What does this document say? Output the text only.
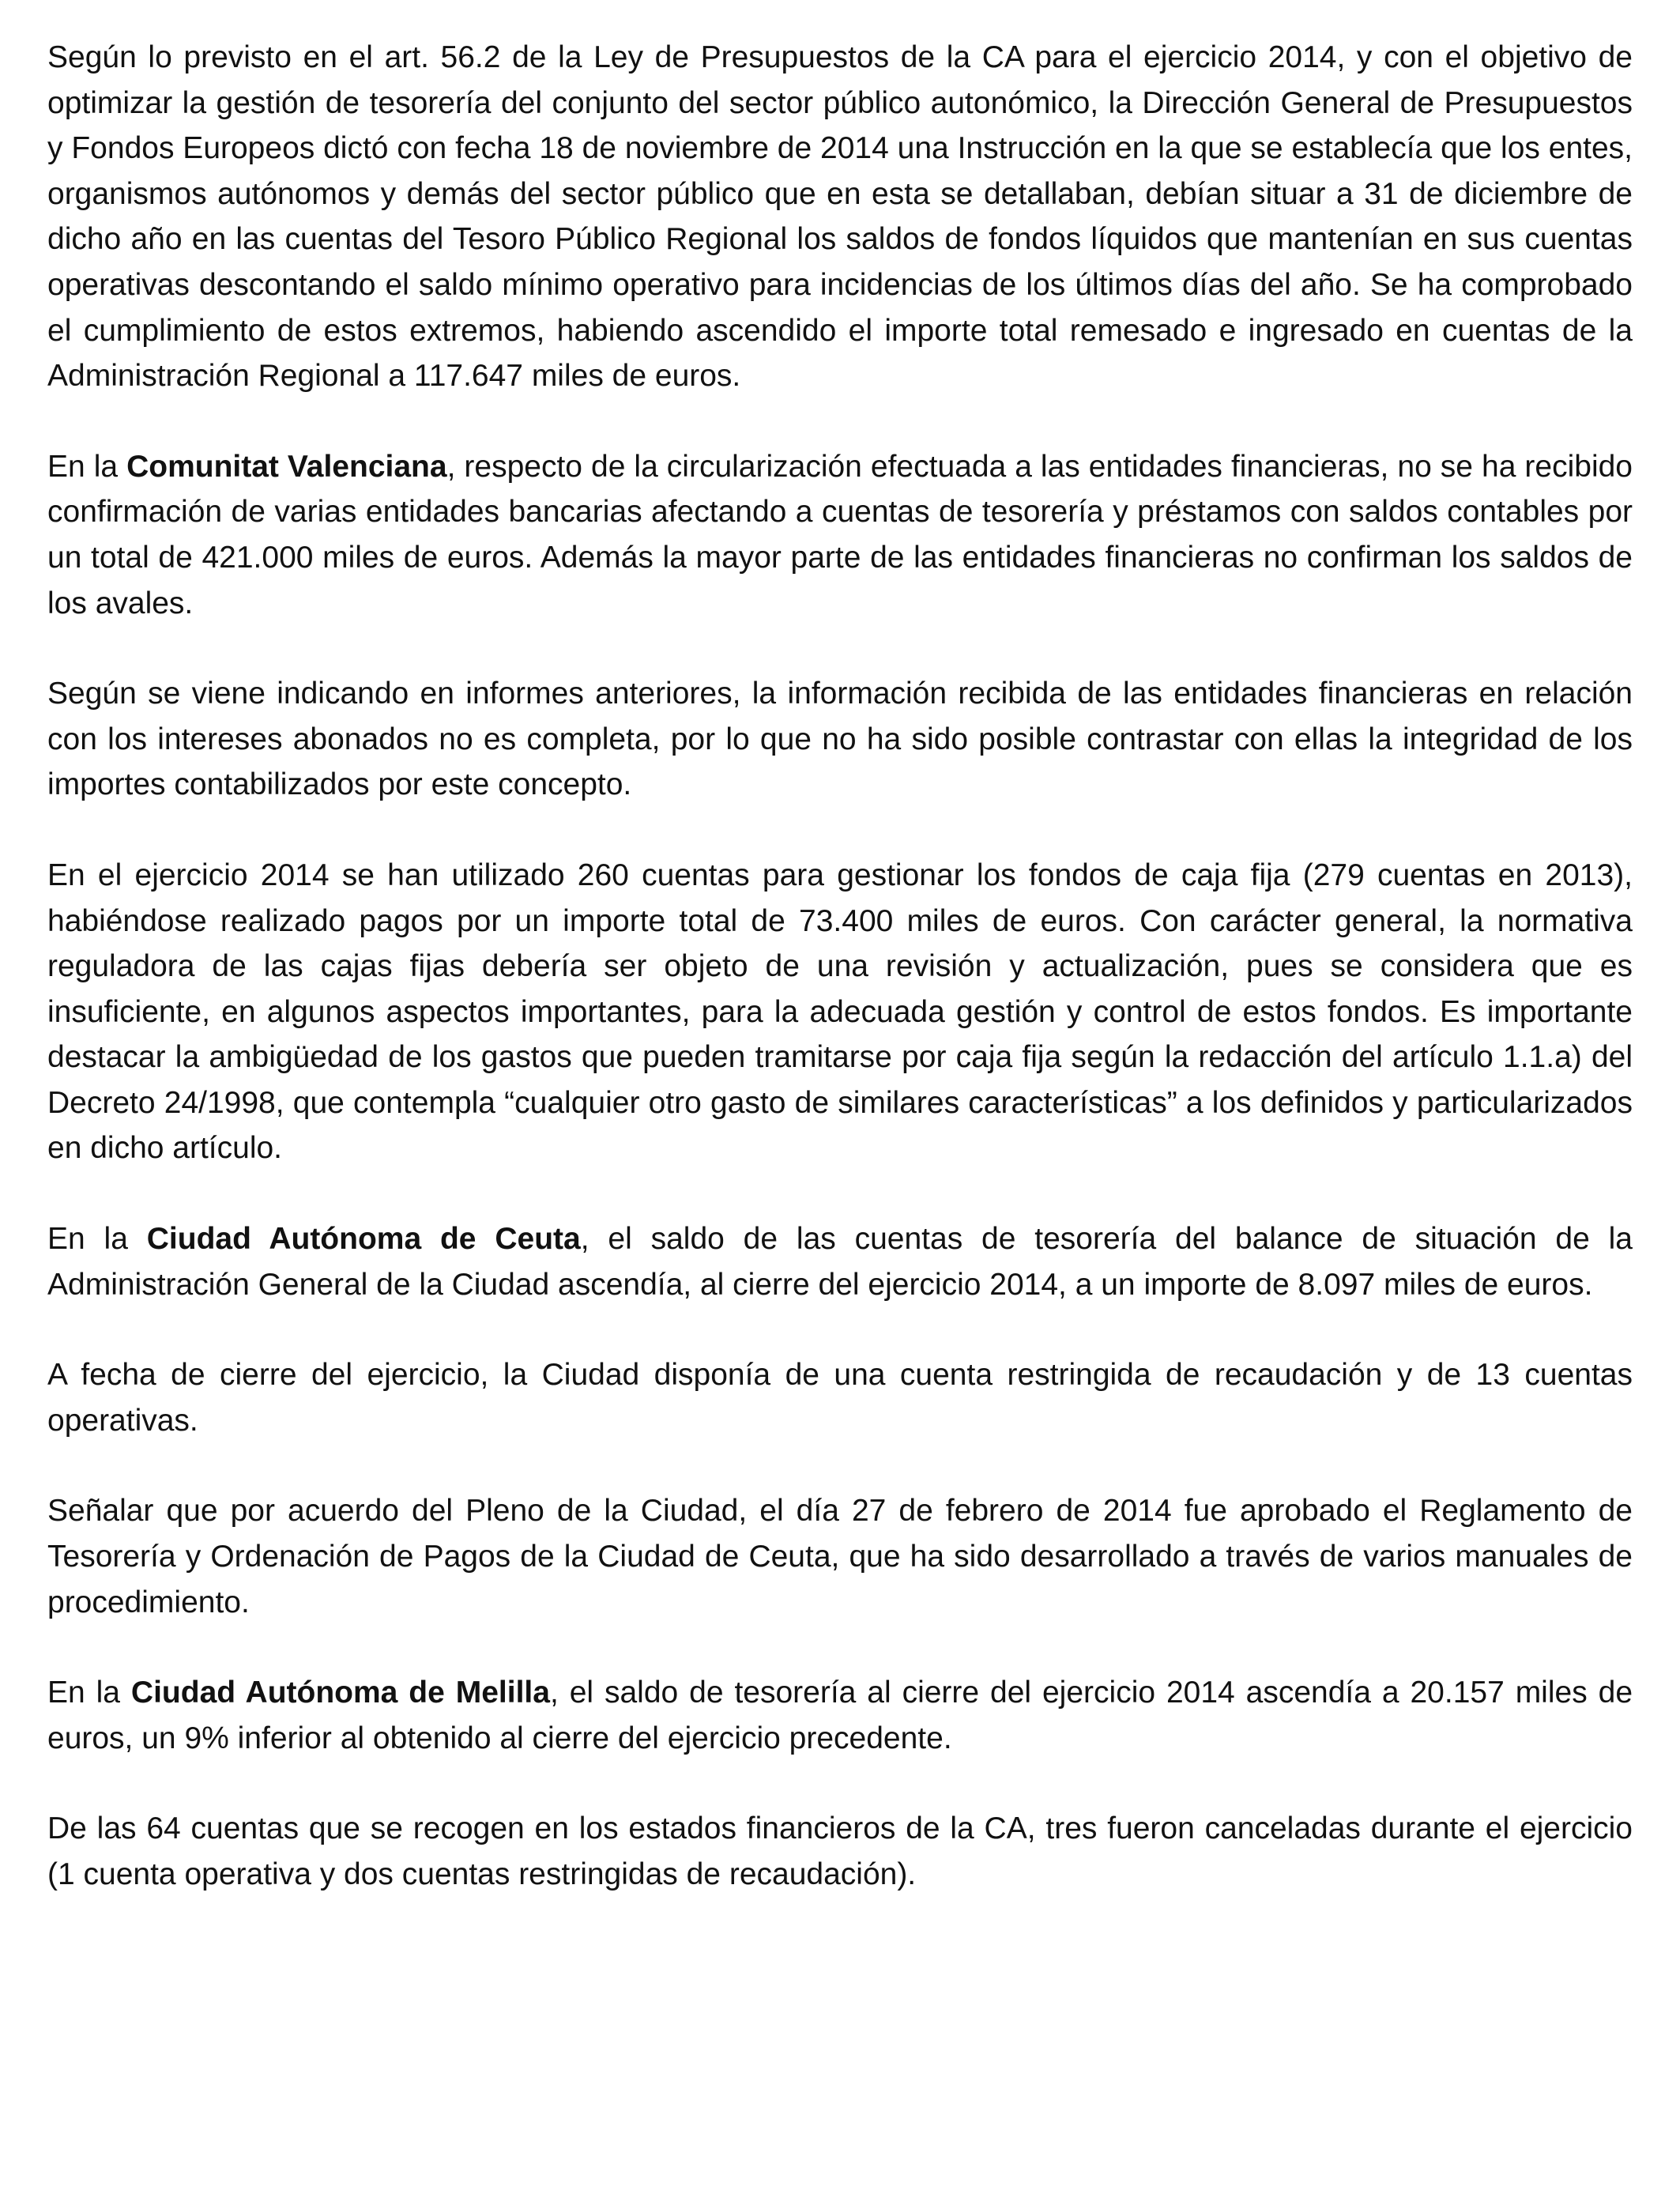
Según lo previsto en el art. 56.2 de la Ley de Presupuestos de la CA para el ejercicio 2014, y con el objetivo de optimizar la gestión de tesorería del conjunto del sector público autonómico, la Dirección General de Presupuestos y Fondos Europeos dictó con fecha 18 de noviembre de 2014 una Instrucción en la que se establecía que los entes, organismos autónomos y demás del sector público que en esta se detallaban, debían situar a 31 de diciembre de dicho año en las cuentas del Tesoro Público Regional los saldos de fondos líquidos que mantenían en sus cuentas operativas descontando el saldo mínimo operativo para incidencias de los últimos días del año. Se ha comprobado el cumplimiento de estos extremos, habiendo ascendido el importe total remesado e ingresado en cuentas de la Administración Regional a 117.647 miles de euros.

En la Comunitat Valenciana, respecto de la circularización efectuada a las entidades financieras, no se ha recibido confirmación de varias entidades bancarias afectando a cuentas de tesorería y préstamos con saldos contables por un total de 421.000 miles de euros. Además la mayor parte de las entidades financieras no confirman los saldos de los avales.

Según se viene indicando en informes anteriores, la información recibida de las entidades financieras en relación con los intereses abonados no es completa, por lo que no ha sido posible contrastar con ellas la integridad de los importes contabilizados por este concepto.

En el ejercicio 2014 se han utilizado 260 cuentas para gestionar los fondos de caja fija (279 cuentas en 2013), habiéndose realizado pagos por un importe total de 73.400 miles de euros. Con carácter general, la normativa reguladora de las cajas fijas debería ser objeto de una revisión y actualización, pues se considera que es insuficiente, en algunos aspectos importantes, para la adecuada gestión y control de estos fondos. Es importante destacar la ambigüedad de los gastos que pueden tramitarse por caja fija según la redacción del artículo 1.1.a) del Decreto 24/1998, que contempla “cualquier otro gasto de similares características” a los definidos y particularizados en dicho artículo.

En la Ciudad Autónoma de Ceuta, el saldo de las cuentas de tesorería del balance de situación de la Administración General de la Ciudad ascendía, al cierre del ejercicio 2014, a un importe de 8.097 miles de euros.

A fecha de cierre del ejercicio, la Ciudad disponía de una cuenta restringida de recaudación y de 13 cuentas operativas.

Señalar que por acuerdo del Pleno de la Ciudad, el día 27 de febrero de 2014 fue aprobado el Reglamento de Tesorería y Ordenación de Pagos de la Ciudad de Ceuta, que ha sido desarrollado a través de varios manuales de procedimiento.

En la Ciudad Autónoma de Melilla, el saldo de tesorería al cierre del ejercicio 2014 ascendía a 20.157 miles de euros, un 9% inferior al obtenido al cierre del ejercicio precedente.

De las 64 cuentas que se recogen en los estados financieros de la CA, tres fueron canceladas durante el ejercicio (1 cuenta operativa y dos cuentas restringidas de recaudación).
